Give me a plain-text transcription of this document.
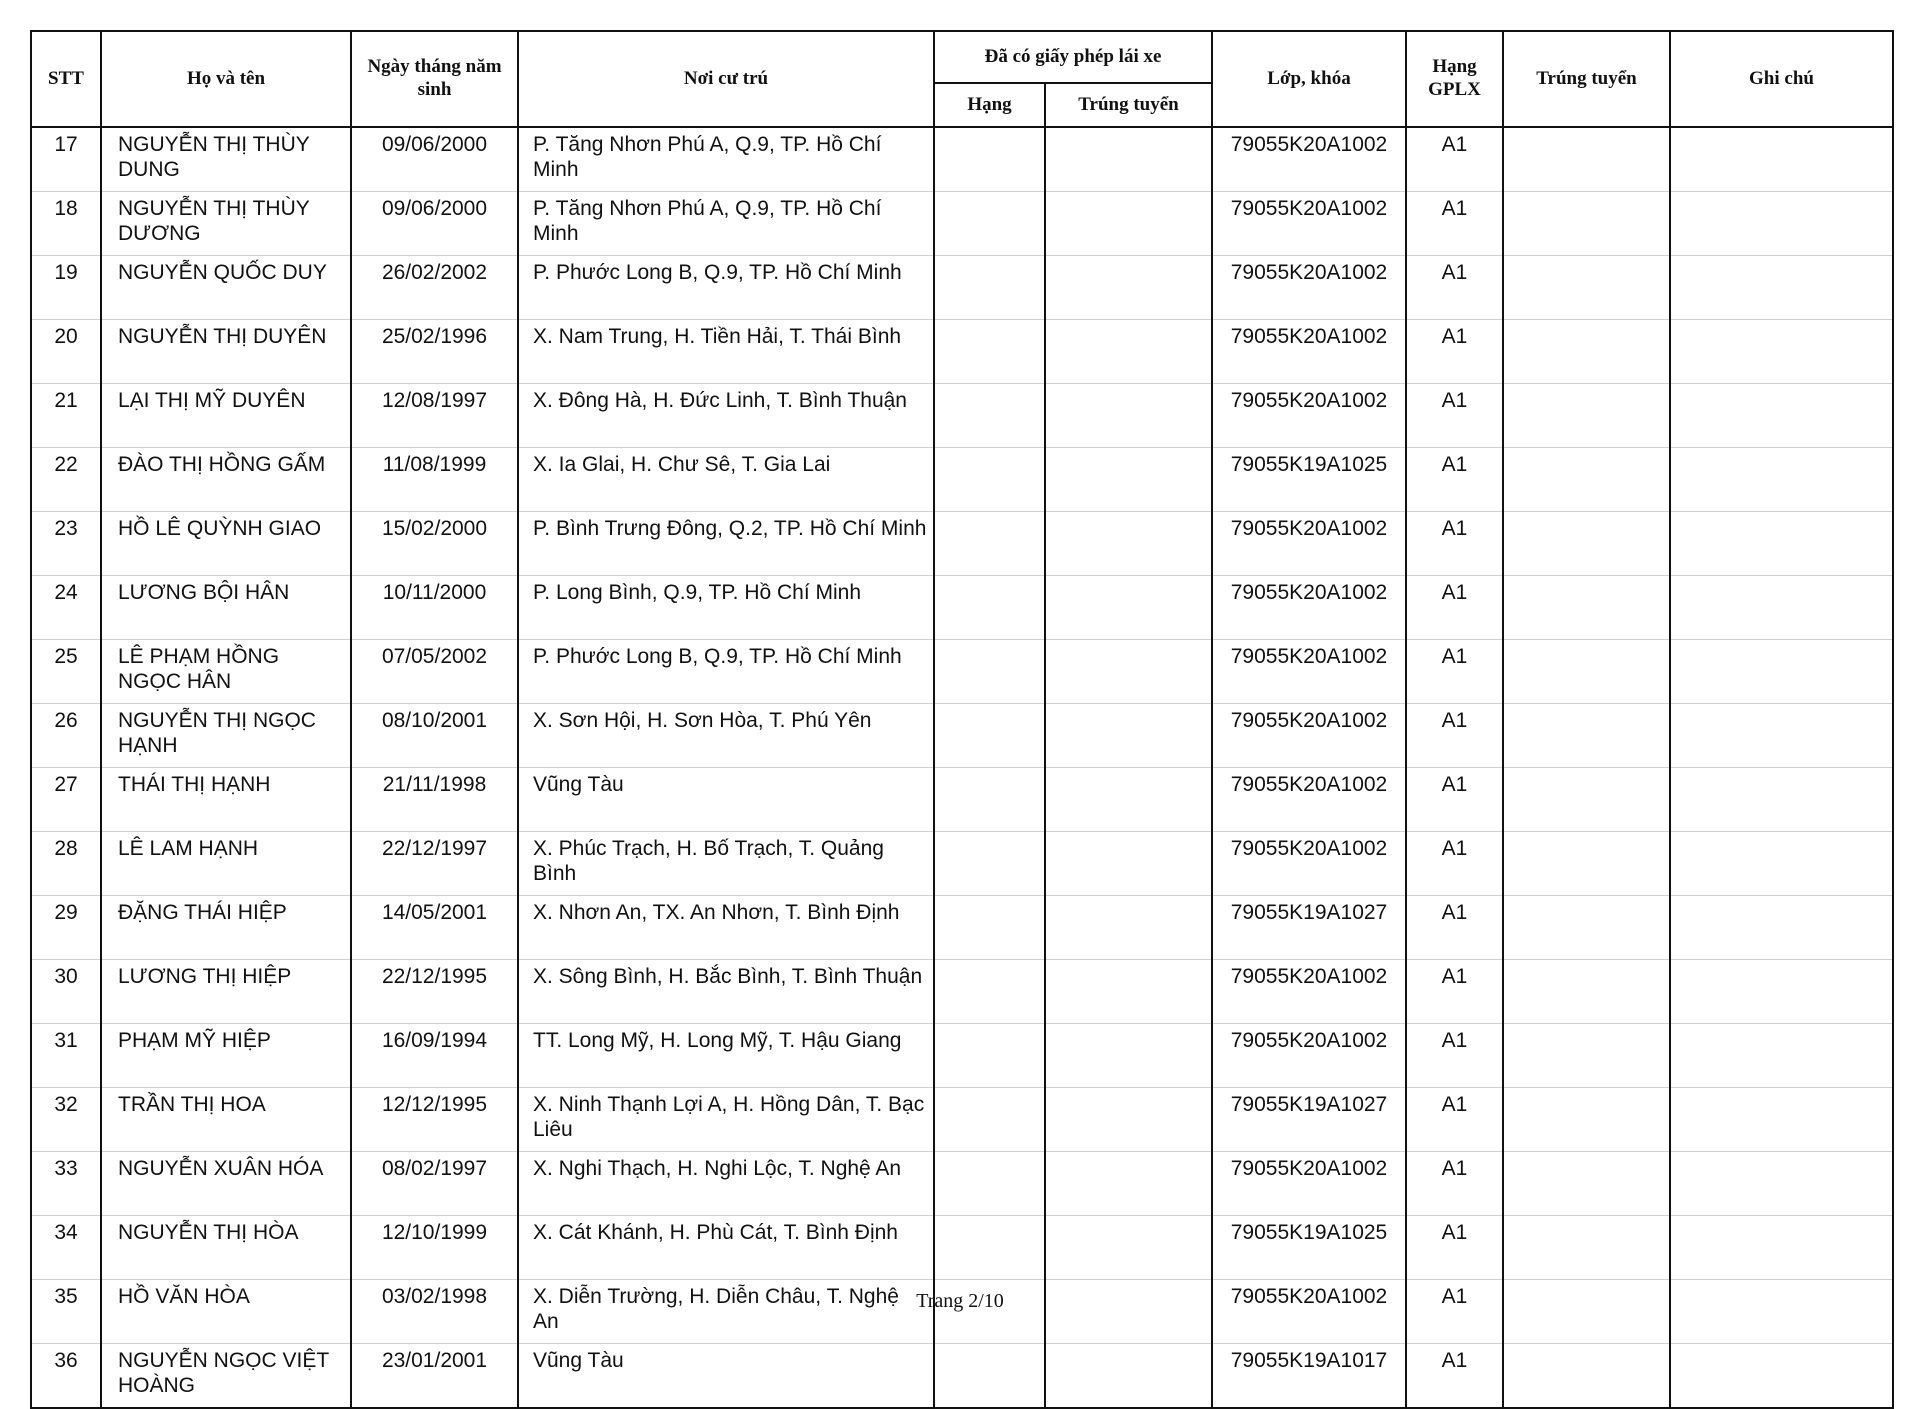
STT	Họ và tên	Ngày tháng năm sinh	Nơi cư trú	Đã có giấy phép lái xe		Lớp, khóa	Hạng GPLX	Trúng tuyển	Ghi chú
				Hạng	Trúng tuyển				
17	NGUYỄN THỊ THÙY DUNG	09/06/2000	P. Tăng Nhơn Phú A, Q.9, TP. Hồ Chí Minh			79055K20A1002	A1		
18	NGUYỄN THỊ THÙY DƯƠNG	09/06/2000	P. Tăng Nhơn Phú A, Q.9, TP. Hồ Chí Minh			79055K20A1002	A1		
19	NGUYỄN QUỐC DUY	26/02/2002	P. Phước Long B, Q.9, TP. Hồ Chí Minh			79055K20A1002	A1		
20	NGUYỄN THỊ DUYÊN	25/02/1996	X. Nam Trung, H. Tiền Hải, T. Thái Bình			79055K20A1002	A1		
21	LẠI THỊ MỸ DUYÊN	12/08/1997	X. Đông Hà, H. Đức Linh, T. Bình Thuận			79055K20A1002	A1		
22	ĐÀO THỊ HỒNG GẤM	11/08/1999	X. Ia Glai, H. Chư Sê, T. Gia Lai			79055K19A1025	A1		
23	HỒ LÊ QUỲNH GIAO	15/02/2000	P. Bình Trưng Đông, Q.2, TP. Hồ Chí Minh			79055K20A1002	A1		
24	LƯƠNG BỘI HÂN	10/11/2000	P. Long Bình, Q.9, TP. Hồ Chí Minh			79055K20A1002	A1		
25	LÊ PHẠM HỒNG NGỌC HÂN	07/05/2002	P. Phước Long B, Q.9, TP. Hồ Chí Minh			79055K20A1002	A1		
26	NGUYỄN THỊ NGỌC HẠNH	08/10/2001	X. Sơn Hội, H. Sơn Hòa, T. Phú Yên			79055K20A1002	A1		
27	THÁI THỊ HẠNH	21/11/1998	Vũng Tàu			79055K20A1002	A1		
28	LÊ LAM HẠNH	22/12/1997	X. Phúc Trạch, H. Bố Trạch, T. Quảng Bình			79055K20A1002	A1		
29	ĐẶNG THÁI HIỆP	14/05/2001	X. Nhơn An, TX. An Nhơn, T. Bình Định			79055K19A1027	A1		
30	LƯƠNG THỊ HIỆP	22/12/1995	X. Sông Bình, H. Bắc Bình, T. Bình Thuận			79055K20A1002	A1		
31	PHẠM MỸ HIỆP	16/09/1994	TT. Long Mỹ, H. Long Mỹ, T. Hậu Giang			79055K20A1002	A1		
32	TRẦN THỊ HOA	12/12/1995	X. Ninh Thạnh Lợi A, H. Hồng Dân, T. Bạc Liêu			79055K19A1027	A1		
33	NGUYỄN XUÂN HÓA	08/02/1997	X. Nghi Thạch, H. Nghi Lộc, T. Nghệ An			79055K20A1002	A1		
34	NGUYỄN THỊ HÒA	12/10/1999	X. Cát Khánh, H. Phù Cát, T. Bình Định			79055K19A1025	A1		
35	HỒ VĂN HÒA	03/02/1998	X. Diễn Trường, H. Diễn Châu, T. Nghệ An			79055K20A1002	A1		
36	NGUYỄN NGỌC VIỆT HOÀNG	23/01/2001	Vũng Tàu			79055K19A1017	A1		
Trang 2/10
